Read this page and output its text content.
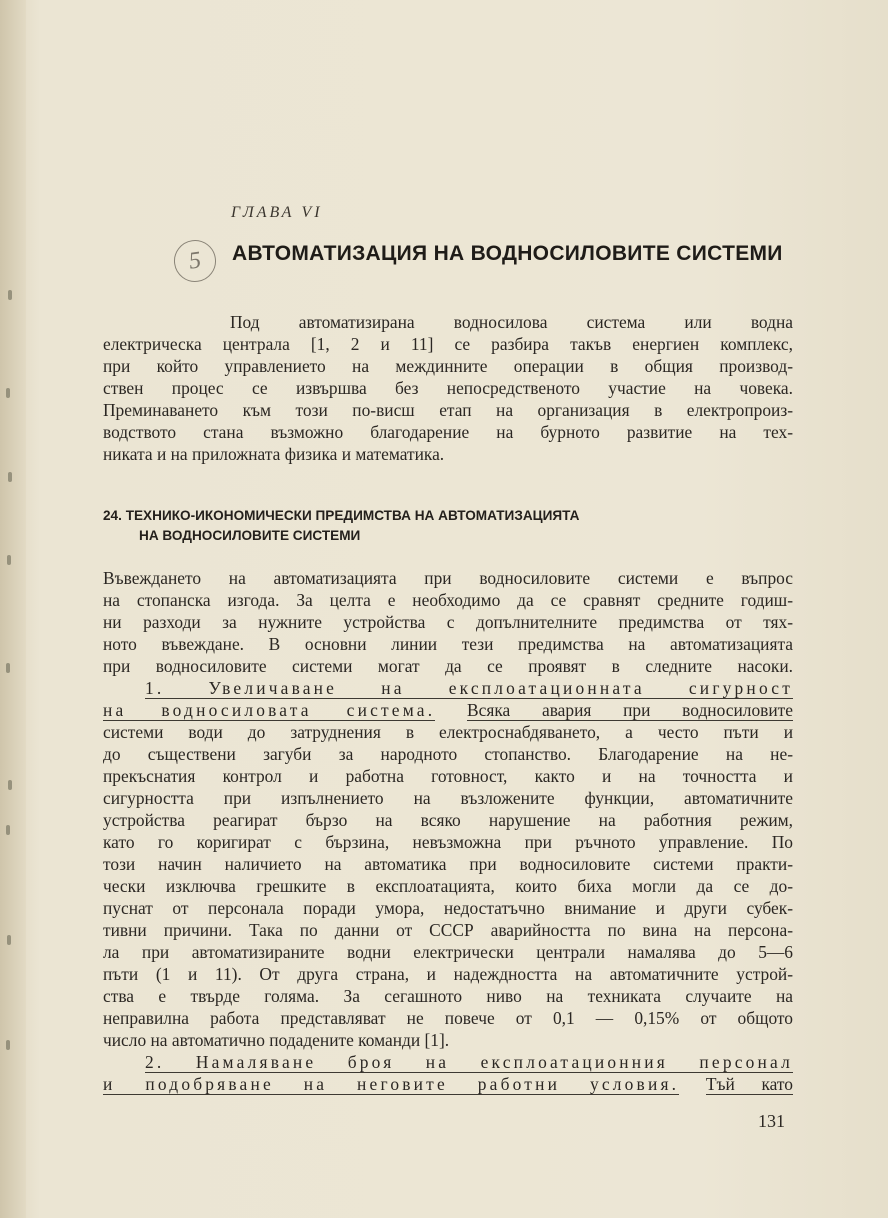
ГЛАВА VI
5	АВТОМАТИЗАЦИЯ НА ВОДНОСИЛОВИТЕ СИСТЕМИ
Под автоматизирана водносилова система или водна
електрическа централа [1, 2 и 11] се разбира такъв енергиен комплекс,
при който управлението на междинните операции в общия производ-
ствен процес се извършва без непосредственото участие на човека.
Преминаването към този по-висш етап на организация в електропроиз-
водството стана възможно благодарение на бурното развитие на тех-
никата и на приложната физика и математика.
24. ТЕХНИКО-ИКОНОМИЧЕСКИ ПРЕДИМСТВА НА АВТОМАТИЗАЦИЯТА
НА ВОДНОСИЛОВИТЕ СИСТЕМИ
Въвеждането на автоматизацията при водносиловите системи е въпрос
на стопанска изгода. За целта е необходимо да се сравнят средните годиш-
ни разходи за нужните устройства с допълнителните предимства от тях-
ното въвеждане. В основни линии тези предимства на автоматизацията
при водносиловите системи могат да се проявят в следните насоки.
1. Увеличаване на експлоатационната сигурност
на водносиловата система. Всяка авария при водносиловите
системи води до затруднения в електроснабдяването, а често пъти и
до съществени загуби за народното стопанство. Благодарение на не-
прекъснатия контрол и работна готовност, както и на точността и
сигурността при изпълнението на възложените функции, автоматичните
устройства реагират бързо на всяко нарушение на работния режим,
като го коригират с бързина, невъзможна при ръчното управление. По
този начин наличието на автоматика при водносиловите системи практи-
чески изключва грешките в експлоатацията, които биха могли да се до-
пуснат от персонала поради умора, недостатъчно внимание и други субек-
тивни причини. Така по данни от СССР аварийността по вина на персона-
ла при автоматизираните водни електрически централи намалява до 5—6
пъти (1 и 11). От друга страна, и надеждността на автоматичните устрой-
ства е твърде голяма. За сегашното ниво на техниката случаите на
неправилна работа представляват не повече от 0,1 — 0,15% от общото
число на автоматично подадените команди [1].
2. Намаляване броя на експлоатационния персонал
и подобряване на неговите работни условия. Тъй като
131
